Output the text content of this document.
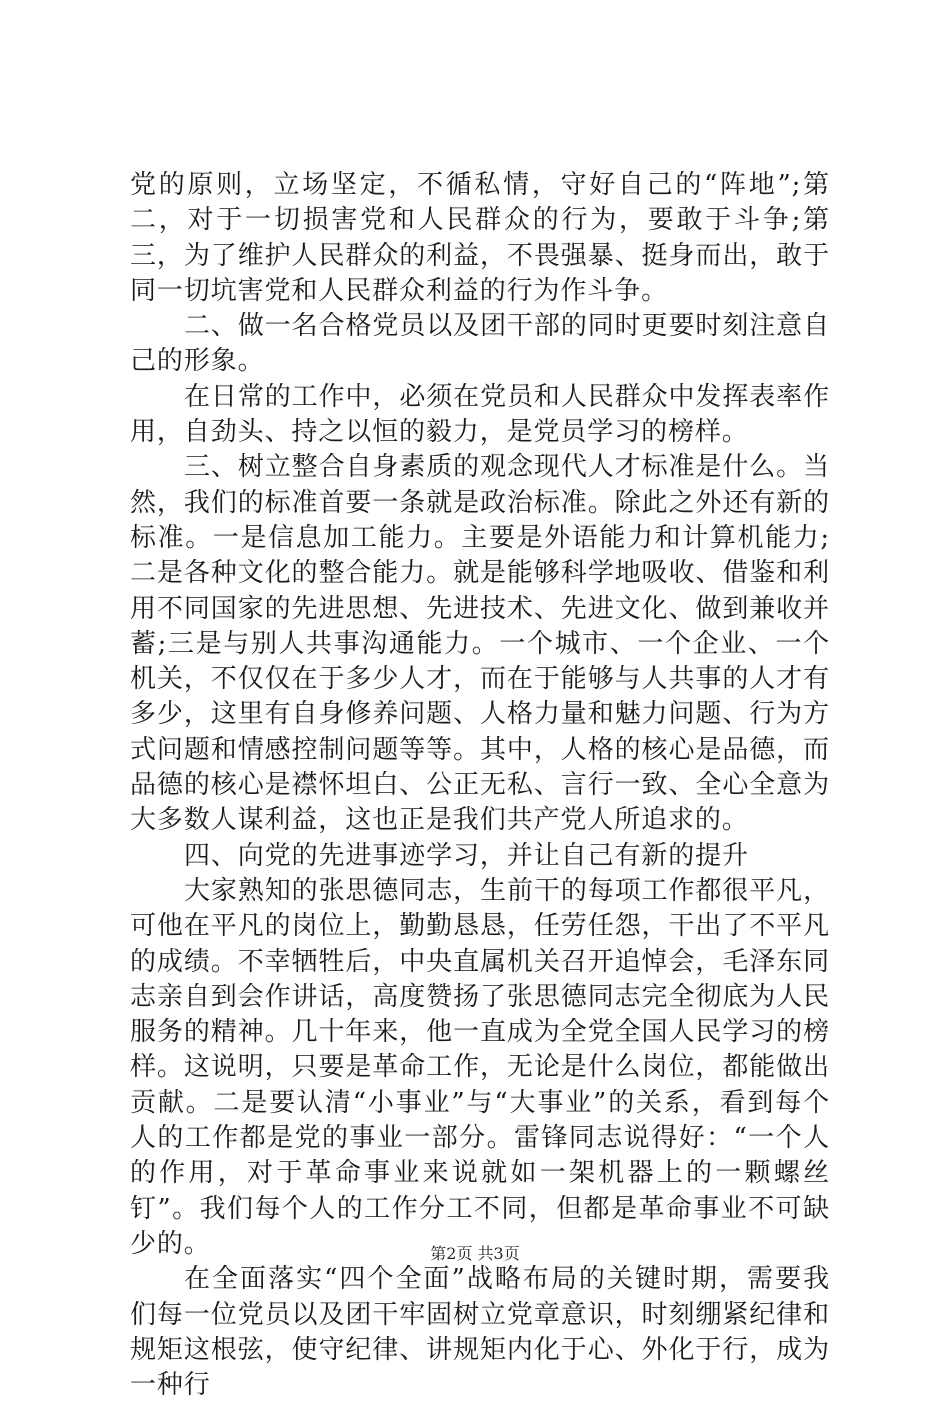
党的原则，立场坚定，不循私情，守好自己的“阵地”;第二，对于一切损害党和人民群众的行为，要敢于斗争;第三，为了维护人民群众的利益，不畏强暴、挺身而出，敢于同一切坑害党和人民群众利益的行为作斗争。

二、做一名合格党员以及团干部的同时更要时刻注意自己的形象。

在日常的工作中，必须在党员和人民群众中发挥表率作用，自劲头、持之以恒的毅力，是党员学习的榜样。

三、树立整合自身素质的观念现代人才标准是什么。当然，我们的标准首要一条就是政治标准。除此之外还有新的标准。一是信息加工能力。主要是外语能力和计算机能力;二是各种文化的整合能力。就是能够科学地吸收、借鉴和利用不同国家的先进思想、先进技术、先进文化、做到兼收并蓄;三是与别人共事沟通能力。一个城市、一个企业、一个机关，不仅仅在于多少人才，而在于能够与人共事的人才有多少，这里有自身修养问题、人格力量和魅力问题、行为方式问题和情感控制问题等等。其中，人格的核心是品德，而品德的核心是襟怀坦白、公正无私、言行一致、全心全意为大多数人谋利益，这也正是我们共产党人所追求的。

四、向党的先进事迹学习，并让自己有新的提升

大家熟知的张思德同志，生前干的每项工作都很平凡，可他在平凡的岗位上，勤勤恳恳，任劳任怨，干出了不平凡的成绩。不幸牺牲后，中央直属机关召开追悼会，毛泽东同志亲自到会作讲话，高度赞扬了张思德同志完全彻底为人民服务的精神。几十年来，他一直成为全党全国人民学习的榜样。这说明，只要是革命工作，无论是什么岗位，都能做出贡献。二是要认清“小事业”与“大事业”的关系，看到每个人的工作都是党的事业一部分。雷锋同志说得好：“一个人的作用，对于革命事业来说就如一架机器上的一颗螺丝钉”。我们每个人的工作分工不同，但都是革命事业不可缺少的。

在全面落实“四个全面”战略布局的关键时期，需要我们每一位党员以及团干牢固树立党章意识，时刻绷紧纪律和规矩这根弦，使守纪律、讲规矩内化于心、外化于行，成为一种行

第2页 共3页
